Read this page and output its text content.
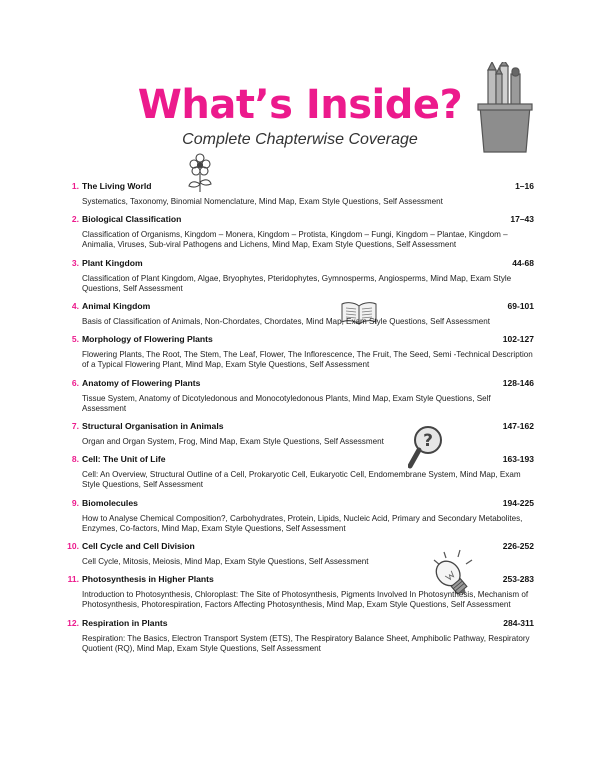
What’s Inside?
Complete Chapterwise Coverage
?
1. The Living World	1–16
Systematics, Taxonomy, Binomial Nomenclature, Mind Map, Exam Style Questions, Self Assessment
2. Biological Classification	17–43
Classification of Organisms, Kingdom – Monera, Kingdom – Protista, Kingdom – Fungi, Kingdom – Plantae, Kingdom – Animalia, Viruses, Sub-viral Pathogens and Lichens, Mind Map, Exam Style Questions, Self Assessment
3. Plant Kingdom	44-68
Classification of Plant Kingdom, Algae, Bryophytes, Pteridophytes, Gymnosperms, Angiosperms, Mind Map, Exam Style Questions, Self Assessment
4. Animal Kingdom	69-101
Basis of Classification of Animals, Non-Chordates, Chordates, Mind Map, Exam Style Questions, Self Assessment
5. Morphology of Flowering Plants	102-127
Flowering Plants, The Root, The Stem, The Leaf, Flower, The Inflorescence, The Fruit, The Seed, Semi -Technical Description of a Typical Flowering Plant, Mind Map, Exam Style Questions, Self Assessment
6. Anatomy of Flowering Plants	128-146
Tissue System, Anatomy of Dicotyledonous and Monocotyledonous Plants, Mind Map, Exam Style Questions, Self Assessment
7. Structural Organisation in Animals	147-162
Organ and Organ System, Frog, Mind Map, Exam Style Questions, Self Assessment
8. Cell: The Unit of Life	163-193
Cell: An Overview, Structural Outline of a Cell, Prokaryotic Cell, Eukaryotic Cell, Endomembrane System, Mind Map, Exam Style Questions, Self Assessment
9. Biomolecules	194-225
How to Analyse Chemical Composition?, Carbohydrates, Protein, Lipids, Nucleic Acid, Primary and Secondary Metabolites, Enzymes, Co-factors, Mind Map, Exam Style Questions, Self Assessment
10. Cell Cycle and Cell Division	226-252
Cell Cycle, Mitosis, Meiosis, Mind Map, Exam Style Questions, Self Assessment
11. Photosynthesis in Higher Plants	253-283
Introduction to Photosynthesis, Chloroplast: The Site of Photosynthesis, Pigments Involved In Photosynthesis, Mechanism of Photosynthesis, Photorespiration, Factors Affecting Photosynthesis, Mind Map, Exam Style Questions, Self Assessment
12. Respiration in Plants	284-311
Respiration: The Basics, Electron Transport System (ETS), The Respiratory Balance Sheet, Amphibolic Pathway, Respiratory Quotient (RQ), Mind Map, Exam Style Questions, Self Assessment
